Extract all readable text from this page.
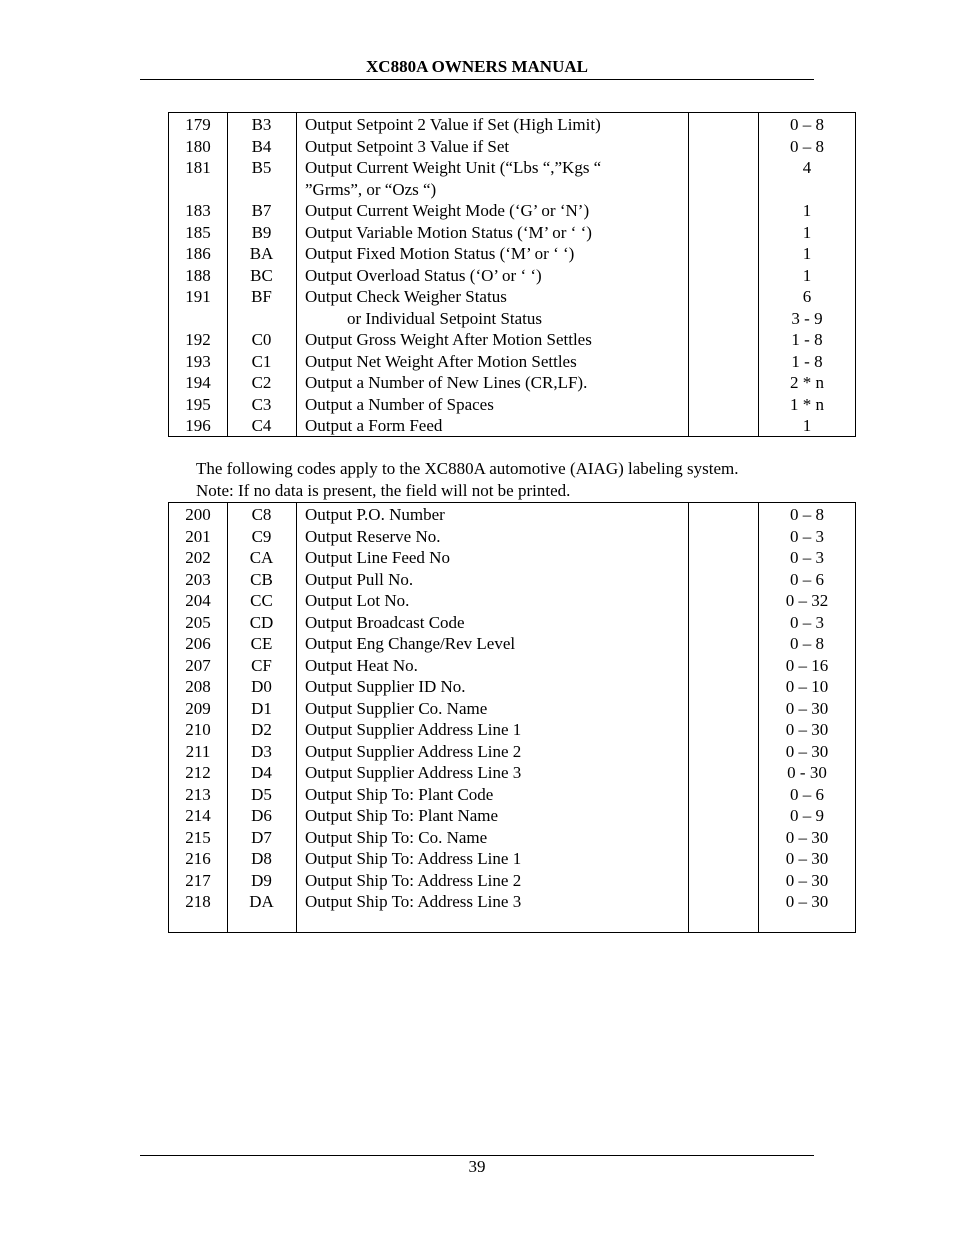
XC880A OWNERS MANUAL
179	B3	Output Setpoint 2 Value if Set (High Limit)	0 – 8
180	B4	Output Setpoint 3 Value if Set	0 – 8
181	B5	Output Current Weight Unit (“Lbs “,”Kgs “	4
”Grms”, or “Ozs “)
183	B7	Output Current Weight Mode (‘G’ or ‘N’)	1
185	B9	Output Variable Motion Status (‘M’ or ‘ ‘)	1
186	BA	Output Fixed Motion Status (‘M’ or ‘ ‘)	1
188	BC	Output Overload Status (‘O’ or ‘ ‘)	1
191	BF	Output Check Weigher Status	6
or Individual Setpoint Status	3 - 9
192	C0	Output Gross Weight After Motion Settles	1 - 8
193	C1	Output Net Weight After Motion Settles	1 - 8
194	C2	Output a Number of New Lines (CR,LF).	2 * n
195	C3	Output a Number of Spaces	1 * n
196	C4	Output a Form Feed	1
The following codes apply to the XC880A automotive (AIAG) labeling system.
Note: If no data is present, the field will not be printed.
200	C8	Output P.O. Number	0 – 8
201	C9	Output Reserve No.	0 – 3
202	CA	Output Line Feed No	0 – 3
203	CB	Output Pull No.	0 – 6
204	CC	Output Lot No.	0 – 32
205	CD	Output Broadcast Code	0 – 3
206	CE	Output Eng Change/Rev Level	0 – 8
207	CF	Output Heat No.	0 – 16
208	D0	Output Supplier ID No.	0 – 10
209	D1	Output Supplier Co. Name	0 – 30
210	D2	Output Supplier Address Line 1	0 – 30
211	D3	Output Supplier Address Line 2	0 – 30
212	D4	Output Supplier Address Line 3	0 - 30
213	D5	Output Ship To: Plant Code	0 – 6
214	D6	Output Ship To: Plant Name	0 – 9
215	D7	Output Ship To: Co. Name	0 – 30
216	D8	Output Ship To: Address Line 1	0 – 30
217	D9	Output Ship To: Address Line 2	0 – 30
218	DA	Output Ship To: Address Line 3	0 – 30
39
